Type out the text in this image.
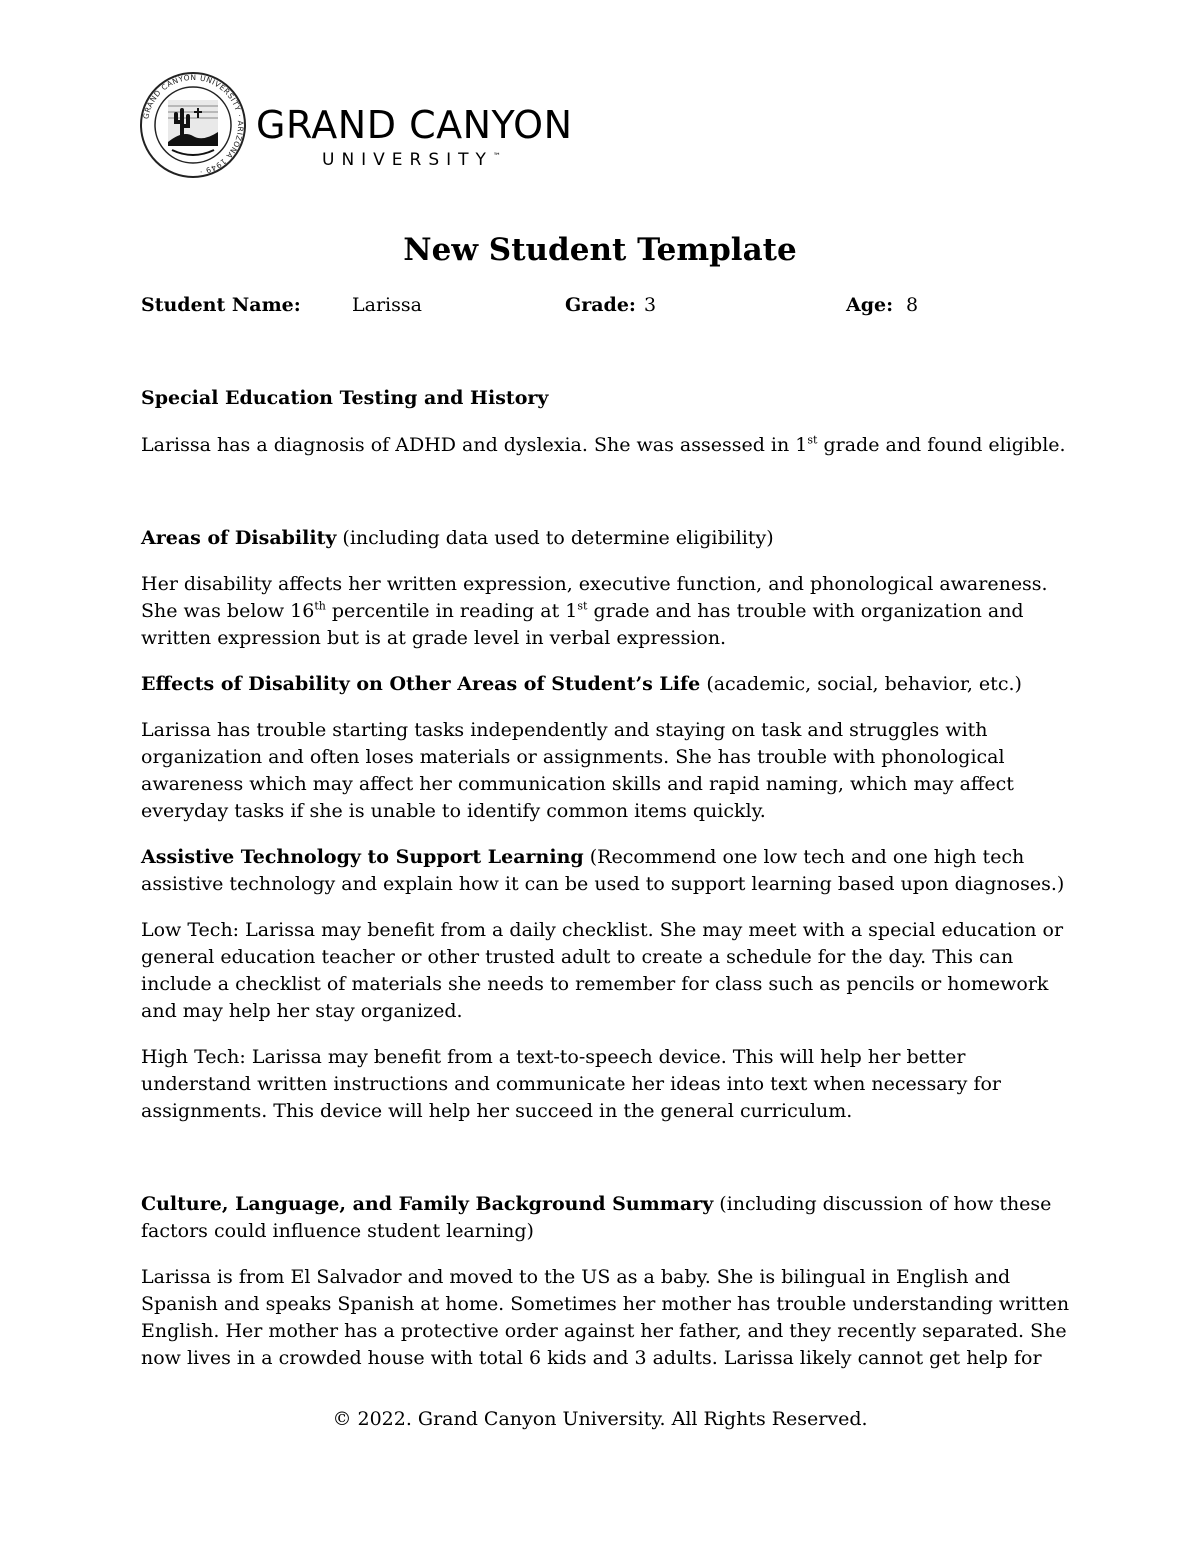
GRAND CANYON UNIVERSITY · ARIZONA 1949 ·
GRAND CANYON
UNIVERSITY™
New Student Template
Student Name:	Larissa	Grade: 3	Age: 8

Special Education Testing and History

Larissa has a diagnosis of ADHD and dyslexia. She was assessed in 1st grade and found eligible.

Areas of Disability (including data used to determine eligibility)

Her disability affects her written expression, executive function, and phonological awareness. She was below 16th percentile in reading at 1st grade and has trouble with organization and written expression but is at grade level in verbal expression.

Effects of Disability on Other Areas of Student’s Life (academic, social, behavior, etc.)

Larissa has trouble starting tasks independently and staying on task and struggles with organization and often loses materials or assignments. She has trouble with phonological awareness which may affect her communication skills and rapid naming, which may affect everyday tasks if she is unable to identify common items quickly.

Assistive Technology to Support Learning (Recommend one low tech and one high tech assistive technology and explain how it can be used to support learning based upon diagnoses.)

Low Tech: Larissa may benefit from a daily checklist. She may meet with a special education or general education teacher or other trusted adult to create a schedule for the day. This can include a checklist of materials she needs to remember for class such as pencils or homework and may help her stay organized.

High Tech: Larissa may benefit from a text-to-speech device. This will help her better understand written instructions and communicate her ideas into text when necessary for assignments. This device will help her succeed in the general curriculum.

Culture, Language, and Family Background Summary (including discussion of how these factors could influence student learning)

Larissa is from El Salvador and moved to the US as a baby. She is bilingual in English and Spanish and speaks Spanish at home. Sometimes her mother has trouble understanding written English. Her mother has a protective order against her father, and they recently separated. She now lives in a crowded house with total 6 kids and 3 adults. Larissa likely cannot get help for

© 2022. Grand Canyon University. All Rights Reserved.
